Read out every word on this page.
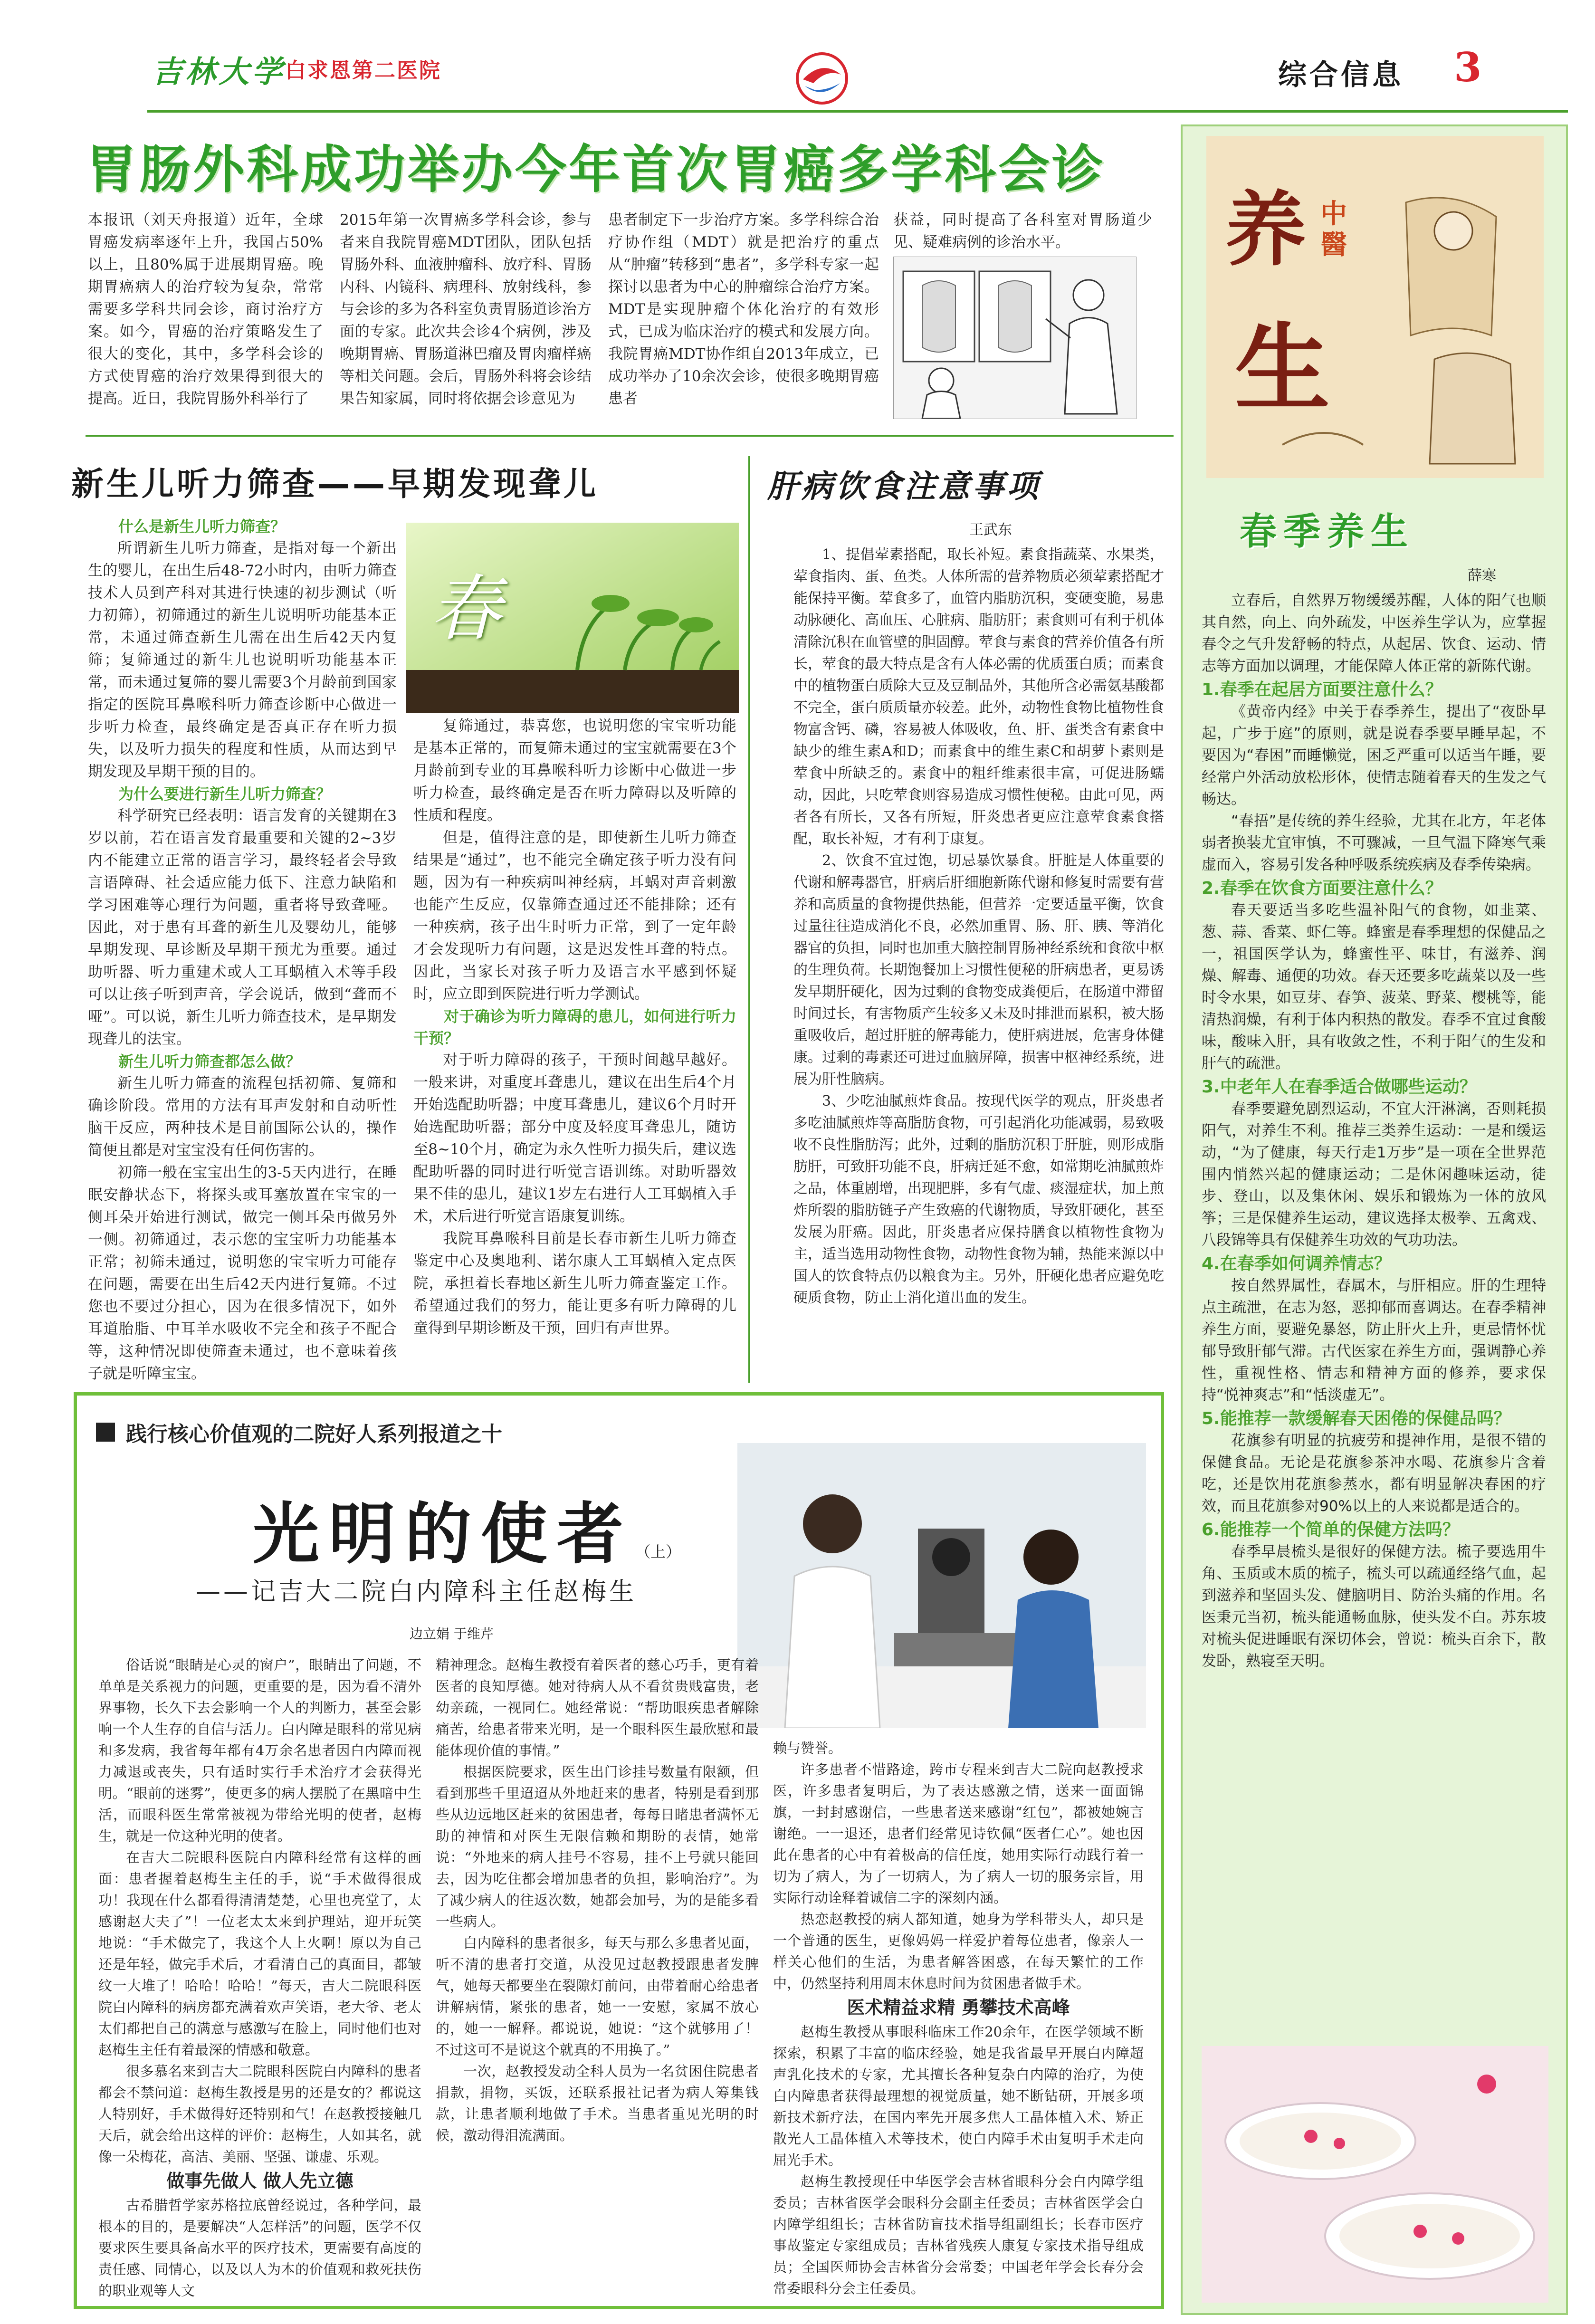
吉林大学 白求恩第二医院	综合信息 3
胃肠外科成功举办今年首次胃癌多学科会诊
本报讯（刘天舟报道）近年，全球胃癌发病率逐年上升，我国占50%以上，且80%属于进展期胃癌。晚期胃癌病人的治疗较为复杂，常常需要多学科共同会诊，商讨治疗方案。如今，胃癌的治疗策略发生了很大的变化，其中，多学科会诊的方式使胃癌的治疗效果得到很大的提高。近日，我院胃肠外科举行了
2015年第一次胃癌多学科会诊，参与者来自我院胃癌MDT团队，团队包括胃肠外科、血液肿瘤科、放疗科、胃肠内科、内镜科、病理科、放射线科，参与会诊的多为各科室负责胃肠道诊治方面的专家。此次共会诊4个病例，涉及晚期胃癌、胃肠道淋巴瘤及胃肉瘤样癌等相关问题。会后，胃肠外科将会诊结果告知家属，同时将依据会诊意见为
患者制定下一步治疗方案。多学科综合治疗协作组（MDT）就是把治疗的重点从“肿瘤”转移到“患者”，多学科专家一起探讨以患者为中心的肿瘤综合治疗方案。MDT是实现肿瘤个体化治疗的有效形式，已成为临床治疗的模式和发展方向。我院胃癌MDT协作组自2013年成立，已成功举办了10余次会诊，使很多晚期胃癌患者
获益，同时提高了各科室对胃肠道少见、疑难病例的诊治水平。	养 中
醫
生
春季养生
薛寒

立春后，自然界万物缓缓苏醒，人体的阳气也顺其自然，向上、向外疏发，中医养生学认为，应掌握春令之气升发舒畅的特点，从起居、饮食、运动、情志等方面加以调理，才能保障人体正常的新陈代谢。

1.春季在起居方面要注意什么？

《黄帝内经》中关于春季养生，提出了“夜卧早起，广步于庭”的原则，就是说春季要早睡早起，不要因为“春困”而睡懒觉，困乏严重可以适当午睡，要经常户外活动放松形体，使情志随着春天的生发之气畅达。

“春捂”是传统的养生经验，尤其在北方，年老体弱者换装尤宜审慎，不可骤减，一旦气温下降寒气乘虚而入，容易引发各种呼吸系统疾病及春季传染病。

2.春季在饮食方面要注意什么？

春天要适当多吃些温补阳气的食物，如韭菜、葱、蒜、香菜、虾仁等。蜂蜜是春季理想的保健品之一，祖国医学认为，蜂蜜性平、味甘，有滋养、润燥、解毒、通便的功效。春天还要多吃蔬菜以及一些时令水果，如豆芽、春笋、菠菜、野菜、樱桃等，能清热润燥，有利于体内积热的散发。春季不宜过食酸味，酸味入肝，具有收敛之性，不利于阳气的生发和肝气的疏泄。

3.中老年人在春季适合做哪些运动？

春季要避免剧烈运动，不宜大汗淋漓，否则耗损阳气，对养生不利。推荐三类养生运动：一是和缓运动，“为了健康，每天行走1万步”是一项在全世界范围内悄然兴起的健康运动；二是休闲趣味运动，徒步、登山，以及集休闲、娱乐和锻炼为一体的放风筝；三是保健养生运动，建议选择太极拳、五禽戏、八段锦等具有保健养生功效的气功功法。

4.在春季如何调养情志？

按自然界属性，春属木，与肝相应。肝的生理特点主疏泄，在志为怒，恶抑郁而喜调达。在春季精神养生方面，要避免暴怒，防止肝火上升，更忌情怀忧郁导致肝郁气滞。古代医家在养生方面，强调静心养性，重视性格、情志和精神方面的修养，要求保持“悦神爽志”和“恬淡虚无”。

5.能推荐一款缓解春天困倦的保健品吗？

花旗参有明显的抗疲劳和提神作用，是很不错的保健食品。无论是花旗参茶冲水喝、花旗参片含着吃，还是饮用花旗参蒸水，都有明显解决春困的疗效，而且花旗参对90%以上的人来说都是适合的。

6.能推荐一个简单的保健方法吗？

春季早晨梳头是很好的保健方法。梳子要选用牛角、玉质或木质的梳子，梳头可以疏通经络气血，起到滋养和坚固头发、健脑明目、防治头痛的作用。名医秉元当初，梳头能通畅血脉，使头发不白。苏东坡对梳头促进睡眠有深切体会，曾说：梳头百余下，散发卧，熟寝至天明。

新生儿听力筛查——早期发现聋儿
什么是新生儿听力筛查？

所谓新生儿听力筛查，是指对每一个新出生的婴儿，在出生后48-72小时内，由听力筛查技术人员到产科对其进行快速的初步测试（听力初筛），初筛通过的新生儿说明听功能基本正常，未通过筛查新生儿需在出生后42天内复筛；复筛通过的新生儿也说明听功能基本正常，而未通过复筛的婴儿需要3个月龄前到国家指定的医院耳鼻喉科听力筛查诊断中心做进一步听力检查，最终确定是否真正存在听力损失，以及听力损失的程度和性质，从而达到早期发现及早期干预的目的。

为什么要进行新生儿听力筛查？

科学研究已经表明：语言发育的关键期在3岁以前，若在语言发育最重要和关键的2~3岁内不能建立正常的语言学习，最终轻者会导致言语障碍、社会适应能力低下、注意力缺陷和学习困难等心理行为问题，重者将导致聋哑。因此，对于患有耳聋的新生儿及婴幼儿，能够早期发现、早诊断及早期干预尤为重要。通过助听器、听力重建术或人工耳蜗植入术等手段可以让孩子听到声音，学会说话，做到“聋而不哑”。可以说，新生儿听力筛查技术，是早期发现聋儿的法宝。

新生儿听力筛查都怎么做？

新生儿听力筛查的流程包括初筛、复筛和确诊阶段。常用的方法有耳声发射和自动听性脑干反应，两种技术是目前国际公认的，操作简便且都是对宝宝没有任何伤害的。

初筛一般在宝宝出生的3-5天内进行，在睡眠安静状态下，将探头或耳塞放置在宝宝的一侧耳朵开始进行测试，做完一侧耳朵再做另外一侧。初筛通过，表示您的宝宝听力功能基本正常；初筛未通过，说明您的宝宝听力可能存在问题，需要在出生后42天内进行复筛。不过您也不要过分担心，因为在很多情况下，如外耳道胎脂、中耳羊水吸收不完全和孩子不配合等，这种情况即使筛查未通过，也不意味着孩子就是听障宝宝。

春

复筛通过，恭喜您，也说明您的宝宝听功能是基本正常的，而复筛未通过的宝宝就需要在3个月龄前到专业的耳鼻喉科听力诊断中心做进一步听力检查，最终确定是否在听力障碍以及听障的性质和程度。

但是，值得注意的是，即使新生儿听力筛查结果是“通过”，也不能完全确定孩子听力没有问题，因为有一种疾病叫神经病，耳蜗对声音刺激也能产生反应，仅靠筛查通过还不能排除；还有一种疾病，孩子出生时听力正常，到了一定年龄才会发现听力有问题，这是迟发性耳聋的特点。因此，当家长对孩子听力及语言水平感到怀疑时，应立即到医院进行听力学测试。

对于确诊为听力障碍的患儿，如何进行听力干预？

对于听力障碍的孩子，干预时间越早越好。一般来讲，对重度耳聋患儿，建议在出生后4个月开始选配助听器；中度耳聋患儿，建议6个月时开始选配助听器；部分中度及轻度耳聋患儿，随访至8~10个月，确定为永久性听力损失后，建议选配助听器的同时进行听觉言语训练。对助听器效果不佳的患儿，建议1岁左右进行人工耳蜗植入手术，术后进行听觉言语康复训练。

我院耳鼻喉科目前是长春市新生儿听力筛查鉴定中心及奥地利、诺尔康人工耳蜗植入定点医院，承担着长春地区新生儿听力筛查鉴定工作。希望通过我们的努力，能让更多有听力障碍的儿童得到早期诊断及干预，回归有声世界。

肝病饮食注意事项
王武东

1、提倡荤素搭配，取长补短。素食指蔬菜、水果类，荤食指肉、蛋、鱼类。人体所需的营养物质必须荤素搭配才能保持平衡。荤食多了，血管内脂肪沉积，变硬变脆，易患动脉硬化、高血压、心脏病、脂肪肝；素食则可有利于机体清除沉积在血管壁的胆固醇。荤食与素食的营养价值各有所长，荤食的最大特点是含有人体必需的优质蛋白质；而素食中的植物蛋白质除大豆及豆制品外，其他所含必需氨基酸都不完全，蛋白质质量亦较差。此外，动物性食物比植物性食物富含钙、磷，容易被人体吸收，鱼、肝、蛋类含有素食中缺少的维生素A和D；而素食中的维生素C和胡萝卜素则是荤食中所缺乏的。素食中的粗纤维素很丰富，可促进肠蠕动，因此，只吃荤食则容易造成习惯性便秘。由此可见，两者各有所长，又各有所短，肝炎患者更应注意荤食素食搭配，取长补短，才有利于康复。

2、饮食不宜过饱，切忌暴饮暴食。肝脏是人体重要的代谢和解毒器官，肝病后肝细胞新陈代谢和修复时需要有营养和高质量的食物提供热能，但营养一定要适量平衡，饮食过量往往造成消化不良，必然加重胃、肠、肝、胰、等消化器官的负担，同时也加重大脑控制胃肠神经系统和食欲中枢的生理负荷。长期饱餐加上习惯性便秘的肝病患者，更易诱发早期肝硬化，因为过剩的食物变成粪便后，在肠道中滞留时间过长，有害物质产生较多又未及时排泄而累积，被大肠重吸收后，超过肝脏的解毒能力，使肝病进展，危害身体健康。过剩的毒素还可进过血脑屏障，损害中枢神经系统，进展为肝性脑病。

3、少吃油腻煎炸食品。按现代医学的观点，肝炎患者多吃油腻煎炸等高脂肪食物，可引起消化功能减弱，易致吸收不良性脂肪泻；此外，过剩的脂肪沉积于肝脏，则形成脂肪肝，可致肝功能不良，肝病迁延不愈，如常期吃油腻煎炸之品，体重剧增，出现肥胖，多有气虚、痰湿症状，加上煎炸所裂的脂肪链子产生致癌的代谢物质，导致肝硬化，甚至发展为肝癌。因此，肝炎患者应保持膳食以植物性食物为主，适当选用动物性食物，动物性食物为辅，热能来源以中国人的饮食特点仍以粮食为主。另外，肝硬化患者应避免吃硬质食物，防止上消化道出血的发生。

践行核心价值观的二院好人系列报道之十
光明的使者 （上）
——记吉大二院白内障科主任赵梅生
边立娟 于维芹

俗话说“眼睛是心灵的窗户”，眼睛出了问题，不单单是关系视力的问题，更重要的是，因为看不清外界事物，长久下去会影响一个人的判断力，甚至会影响一个人生存的自信与活力。白内障是眼科的常见病和多发病，我省每年都有4万余名患者因白内障而视力减退或丧失，只有适时实行手术治疗才会获得光明。“眼前的迷雾”，使更多的病人摆脱了在黑暗中生活，而眼科医生常常被视为带给光明的使者，赵梅生，就是一位这种光明的使者。

在吉大二院眼科医院白内障科经常有这样的画面：患者握着赵梅生主任的手，说“手术做得很成功！我现在什么都看得清清楚楚，心里也亮堂了，太感谢赵大夫了”！一位老太太来到护理站，迎开玩笑地说：“手术做完了，我这个人上火啊！原以为自己还是年轻，做完手术后，才看清自己的真面目，都皱纹一大堆了！哈哈！哈哈！”每天，吉大二院眼科医院白内障科的病房都充满着欢声笑语，老大爷、老太太们都把自己的满意与感激写在脸上，同时他们也对赵梅生主任有着最深的情感和敬意。

很多慕名来到吉大二院眼科医院白内障科的患者都会不禁问道：赵梅生教授是男的还是女的？都说这人特别好，手术做得好还特别和气！在赵教授接触几天后，就会给出这样的评价：赵梅生，人如其名，就像一朵梅花，高洁、美丽、坚强、谦虚、乐观。

做事先做人 做人先立德

古希腊哲学家苏格拉底曾经说过，各种学问，最根本的目的，是要解决“人怎样活”的问题，医学不仅要求医生要具备高水平的医疗技术，更需要有高度的责任感、同情心，以及以人为本的价值观和救死扶伤的职业观等人文

精神理念。赵梅生教授有着医者的慈心巧手，更有着医者的良知厚德。她对待病人从不看贫贵贱富贵，老幼亲疏，一视同仁。她经常说：“帮助眼疾患者解除痛苦，给患者带来光明，是一个眼科医生最欣慰和最能体现价值的事情。”

根据医院要求，医生出门诊挂号数量有限额，但看到那些千里迢迢从外地赶来的患者，特别是看到那些从边远地区赶来的贫困患者，每每日睹患者满怀无助的神情和对医生无限信赖和期盼的表情，她常说：“外地来的病人挂号不容易，挂不上号就只能回去，因为吃住都会增加患者的负担，影响治疗”。为了减少病人的往返次数，她都会加号，为的是能多看一些病人。

白内障科的患者很多，每天与那么多患者见面，听不清的患者打交道，从没见过赵教授跟患者发脾气，她每天都要坐在裂隙灯前问，由带着耐心给患者讲解病情，紧张的患者，她一一安慰，家属不放心的，她一一解释。都说说，她说：“这个就够用了！不过这可不是说这个就真的不用换了。”

一次，赵教授发动全科人员为一名贫困住院患者捐款，捐物，买饭，还联系报社记者为病人筹集钱款，让患者顺利地做了手术。当患者重见光明的时候，激动得泪流满面。

赖与赞誉。

许多患者不惜路途，跨市专程来到吉大二院向赵教授求医，许多患者复明后，为了表达感激之情，送来一面面锦旗，一封封感谢信，一些患者送来感谢“红包”，都被她婉言谢绝。一一退还，患者们经常见诗钦佩“医者仁心”。她也因此在患者的心中有着极高的信任度，她用实际行动践行着一切为了病人，为了一切病人，为了病人一切的服务宗旨，用实际行动诠释着诚信二字的深刻内涵。

热恋赵教授的病人都知道，她身为学科带头人，却只是一个普通的医生，更像妈妈一样爱护着每位患者，像亲人一样关心他们的生活，为患者解答困惑，在每天繁忙的工作中，仍然坚持利用周末休息时间为贫困患者做手术。

医术精益求精 勇攀技术高峰

赵梅生教授从事眼科临床工作20余年，在医学领域不断探索，积累了丰富的临床经验，她是我省最早开展白内障超声乳化技术的专家，尤其擅长各种复杂白内障的治疗，为使白内障患者获得最理想的视觉质量，她不断钻研，开展多项新技术新疗法，在国内率先开展多焦人工晶体植入术、矫正散光人工晶体植入术等技术，使白内障手术由复明手术走向屈光手术。

赵梅生教授现任中华医学会吉林省眼科分会白内障学组委员；吉林省医学会眼科分会副主任委员；吉林省医学会白内障学组组长；吉林省防盲技术指导组副组长；长春市医疗事故鉴定专家组成员；吉林省残疾人康复专家技术指导组成员；全国医师协会吉林省分会常委；中国老年学会长春分会常委眼科分会主任委员。
